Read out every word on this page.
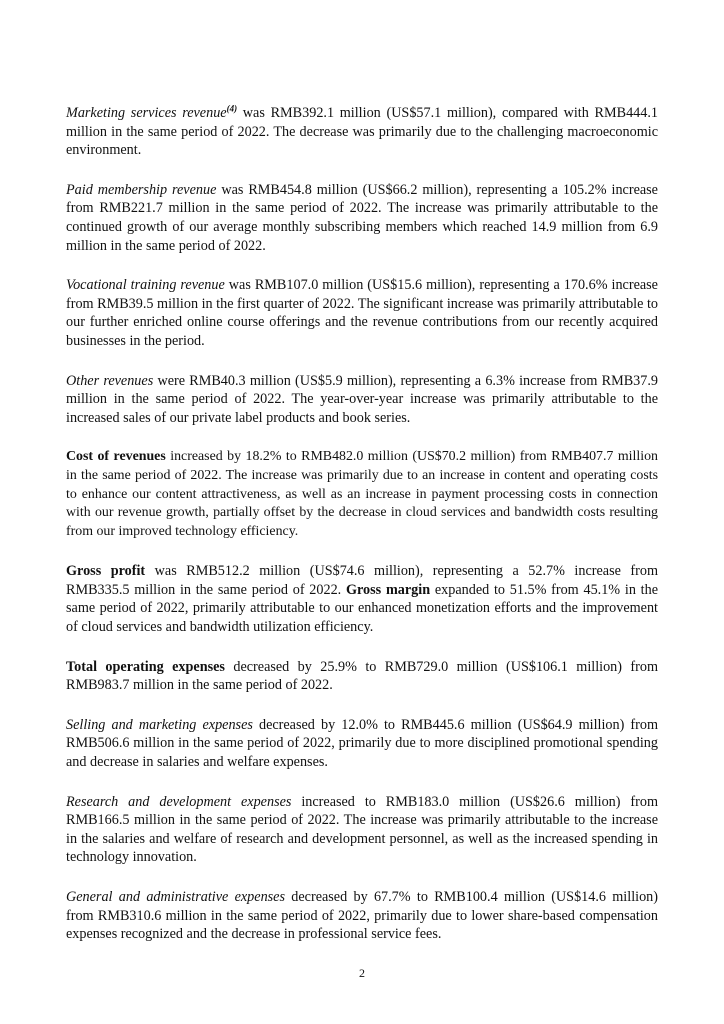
Marketing services revenue$^{(4)}$ was RMB392.1 million (US$57.1 million), compared with RMB444.1 million in the same period of 2022. The decrease was primarily due to the challenging macroeconomic environment.

Paid membership revenue was RMB454.8 million (US$66.2 million), representing a 105.2% increase from RMB221.7 million in the same period of 2022. The increase was primarily attributable to the continued growth of our average monthly subscribing members which reached 14.9 million from 6.9 million in the same period of 2022.

Vocational training revenue was RMB107.0 million (US$15.6 million), representing a 170.6% increase from RMB39.5 million in the first quarter of 2022. The significant increase was primarily attributable to our further enriched online course offerings and the revenue contributions from our recently acquired businesses in the period.

Other revenues were RMB40.3 million (US$5.9 million), representing a 6.3% increase from RMB37.9 million in the same period of 2022. The year-over-year increase was primarily attributable to the increased sales of our private label products and book series.

Cost of revenues increased by 18.2% to RMB482.0 million (US$70.2 million) from RMB407.7 million in the same period of 2022. The increase was primarily due to an increase in content and operating costs to enhance our content attractiveness, as well as an increase in payment processing costs in connection with our revenue growth, partially offset by the decrease in cloud services and bandwidth costs resulting from our improved technology efficiency.

Gross profit was RMB512.2 million (US$74.6 million), representing a 52.7% increase from RMB335.5 million in the same period of 2022. Gross margin expanded to 51.5% from 45.1% in the same period of 2022, primarily attributable to our enhanced monetization efforts and the improvement of cloud services and bandwidth utilization efficiency.

Total operating expenses decreased by 25.9% to RMB729.0 million (US$106.1 million) from RMB983.7 million in the same period of 2022.

Selling and marketing expenses decreased by 12.0% to RMB445.6 million (US$64.9 million) from RMB506.6 million in the same period of 2022, primarily due to more disciplined promotional spending and decrease in salaries and welfare expenses.

Research and development expenses increased to RMB183.0 million (US$26.6 million) from RMB166.5 million in the same period of 2022. The increase was primarily attributable to the increase in the salaries and welfare of research and development personnel, as well as the increased spending in technology innovation.

General and administrative expenses decreased by 67.7% to RMB100.4 million (US$14.6 million) from RMB310.6 million in the same period of 2022, primarily due to lower share-based compensation expenses recognized and the decrease in professional service fees.

2
